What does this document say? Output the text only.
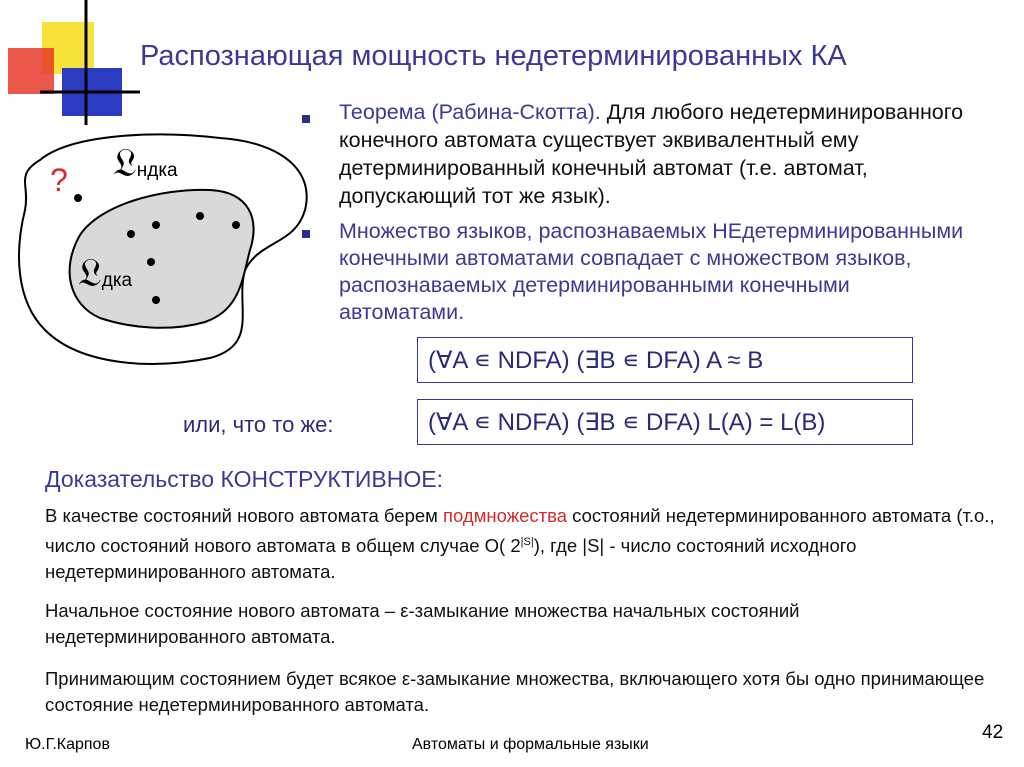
Распознающая мощность недетерминированных КА
? 𝔏ндка
𝔏дка
Теорема (Рабина-Скотта). Для любого недетерминированного конечного автомата существует эквивалентный ему детерминированный конечный автомат (т.е. автомат, допускающий тот же язык).
Множество языков, распознаваемых НЕдетерминированными конечными автоматами совпадает с множеством языков, распознаваемых детерминированными конечными автоматами.
(∀A ∊ NDFA) (∃B ∊ DFA) A ≈ B
или, что то же:	(∀A ∊ NDFA) (∃B ∊ DFA) L(A) = L(B)
Доказательство КОНСТРУКТИВНОЕ:
В качестве состояний нового автомата берем подмножества состояний недетерминированного автомата (т.о., число состояний нового автомата в общем случае O( $2^{|S|}$), где |S| - число состояний исходного недетерминированного автомата.
Начальное состояние нового автомата – ε-замыкание множества начальных состояний недетерминированного автомата.
Принимающим состоянием будет всякое ε-замыкание множества, включающего хотя бы одно принимающее состояние недетерминированного автомата.
Ю.Г.Карпов	Автоматы и формальные языки
42
